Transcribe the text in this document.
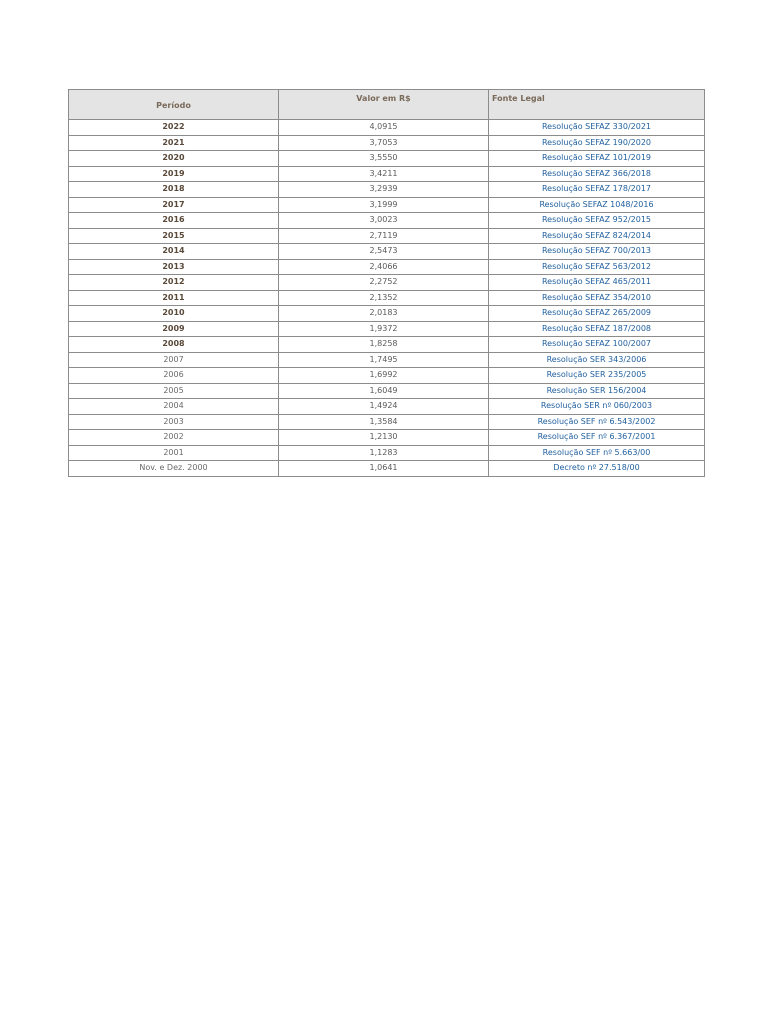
Período	Valor em R$	Fonte Legal
2022	4,0915	Resolução SEFAZ 330/2021
2021	3,7053	Resolução SEFAZ 190/2020
2020	3,5550	Resolução SEFAZ 101/2019
2019	3,4211	Resolução SEFAZ 366/2018
2018	3,2939	Resolução SEFAZ 178/2017
2017	3,1999	Resolução SEFAZ 1048/2016
2016	3,0023	Resolução SEFAZ 952/2015
2015	2,7119	Resolução SEFAZ 824/2014
2014	2,5473	Resolução SEFAZ 700/2013
2013	2,4066	Resolução SEFAZ 563/2012
2012	2,2752	Resolução SEFAZ 465/2011
2011	2,1352	Resolução SEFAZ 354/2010
2010	2,0183	Resolução SEFAZ 265/2009
2009	1,9372	Resolução SEFAZ 187/2008
2008	1,8258	Resolução SEFAZ 100/2007
2007	1,7495	Resolução SER 343/2006
2006	1,6992	Resolução SER 235/2005
2005	1,6049	Resolução SER 156/2004
2004	1,4924	Resolução SER nº 060/2003
2003	1,3584	Resolução SEF nº 6.543/2002
2002	1,2130	Resolução SEF nº 6.367/2001
2001	1,1283	Resolução SEF nº 5.663/00
Nov. e Dez. 2000	1,0641	Decreto nº 27.518/00
